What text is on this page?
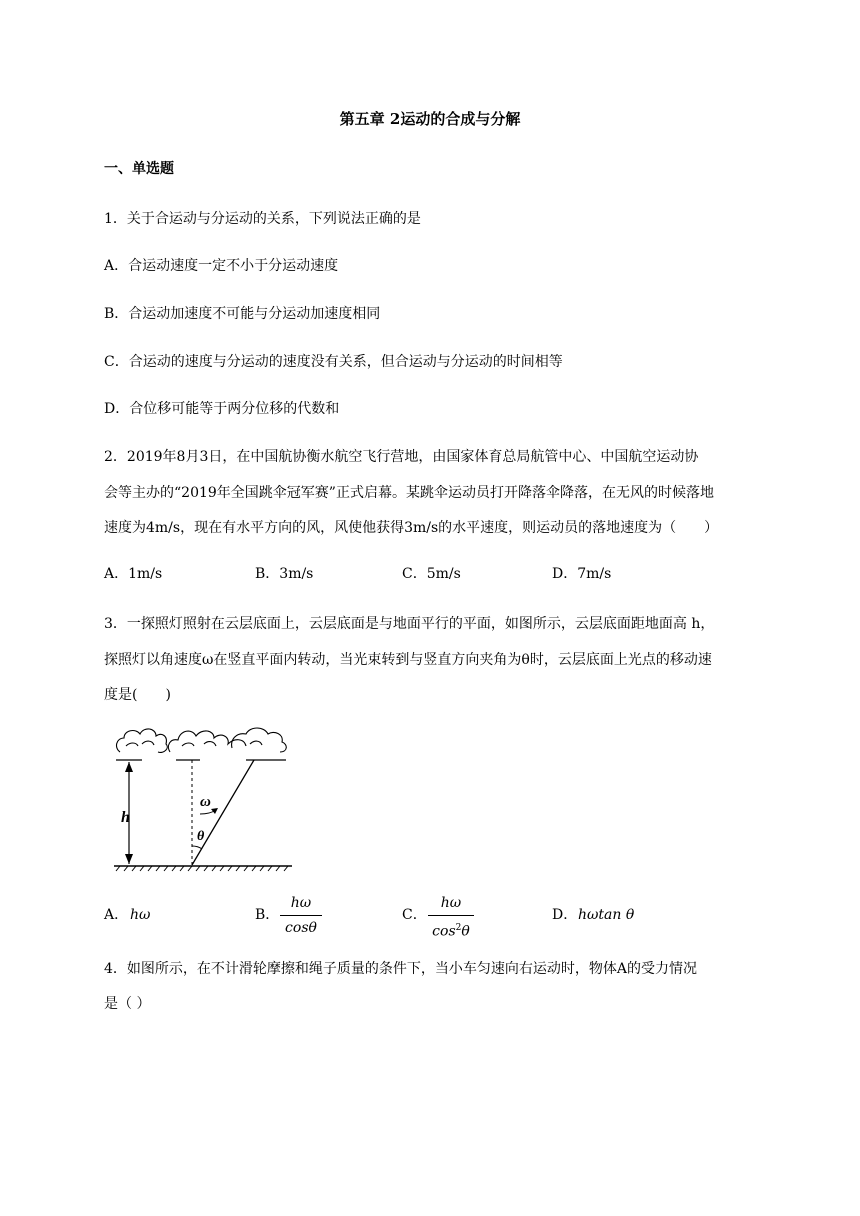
第五章 2运动的合成与分解
一、单选题
1．关于合运动与分运动的关系，下列说法正确的是
A．合运动速度一定不小于分运动速度
B．合运动加速度不可能与分运动加速度相同
C．合运动的速度与分运动的速度没有关系，但合运动与分运动的时间相等
D．合位移可能等于两分位移的代数和
2．2019年8月3日，在中国航协衡水航空飞行营地，由国家体育总局航管中心、中国航空运动协
会等主办的“2019年全国跳伞冠军赛”正式启幕。某跳伞运动员打开降落伞降落，在无风的时候落地
速度为4m/s，现在有水平方向的风，风使他获得3m/s的水平速度，则运动员的落地速度为（　　）
A．1m/s	B．3m/s	C．5m/s	D．7m/s
3．一探照灯照射在云层底面上，云层底面是与地面平行的平面，如图所示，云层底面距地面高 h，
探照灯以角速度ω在竖直平面内转动，当光束转到与竖直方向夹角为θ时，云层底面上光点的移动速
度是(　　)
h
ω
θ
A． hω	B．
hω
cosθ
C．
hω
$\cos^2\theta$
D． hωtan θ
4．如图所示，在不计滑轮摩擦和绳子质量的条件下，当小车匀速向右运动时，物体A的受力情况
是（ ）
